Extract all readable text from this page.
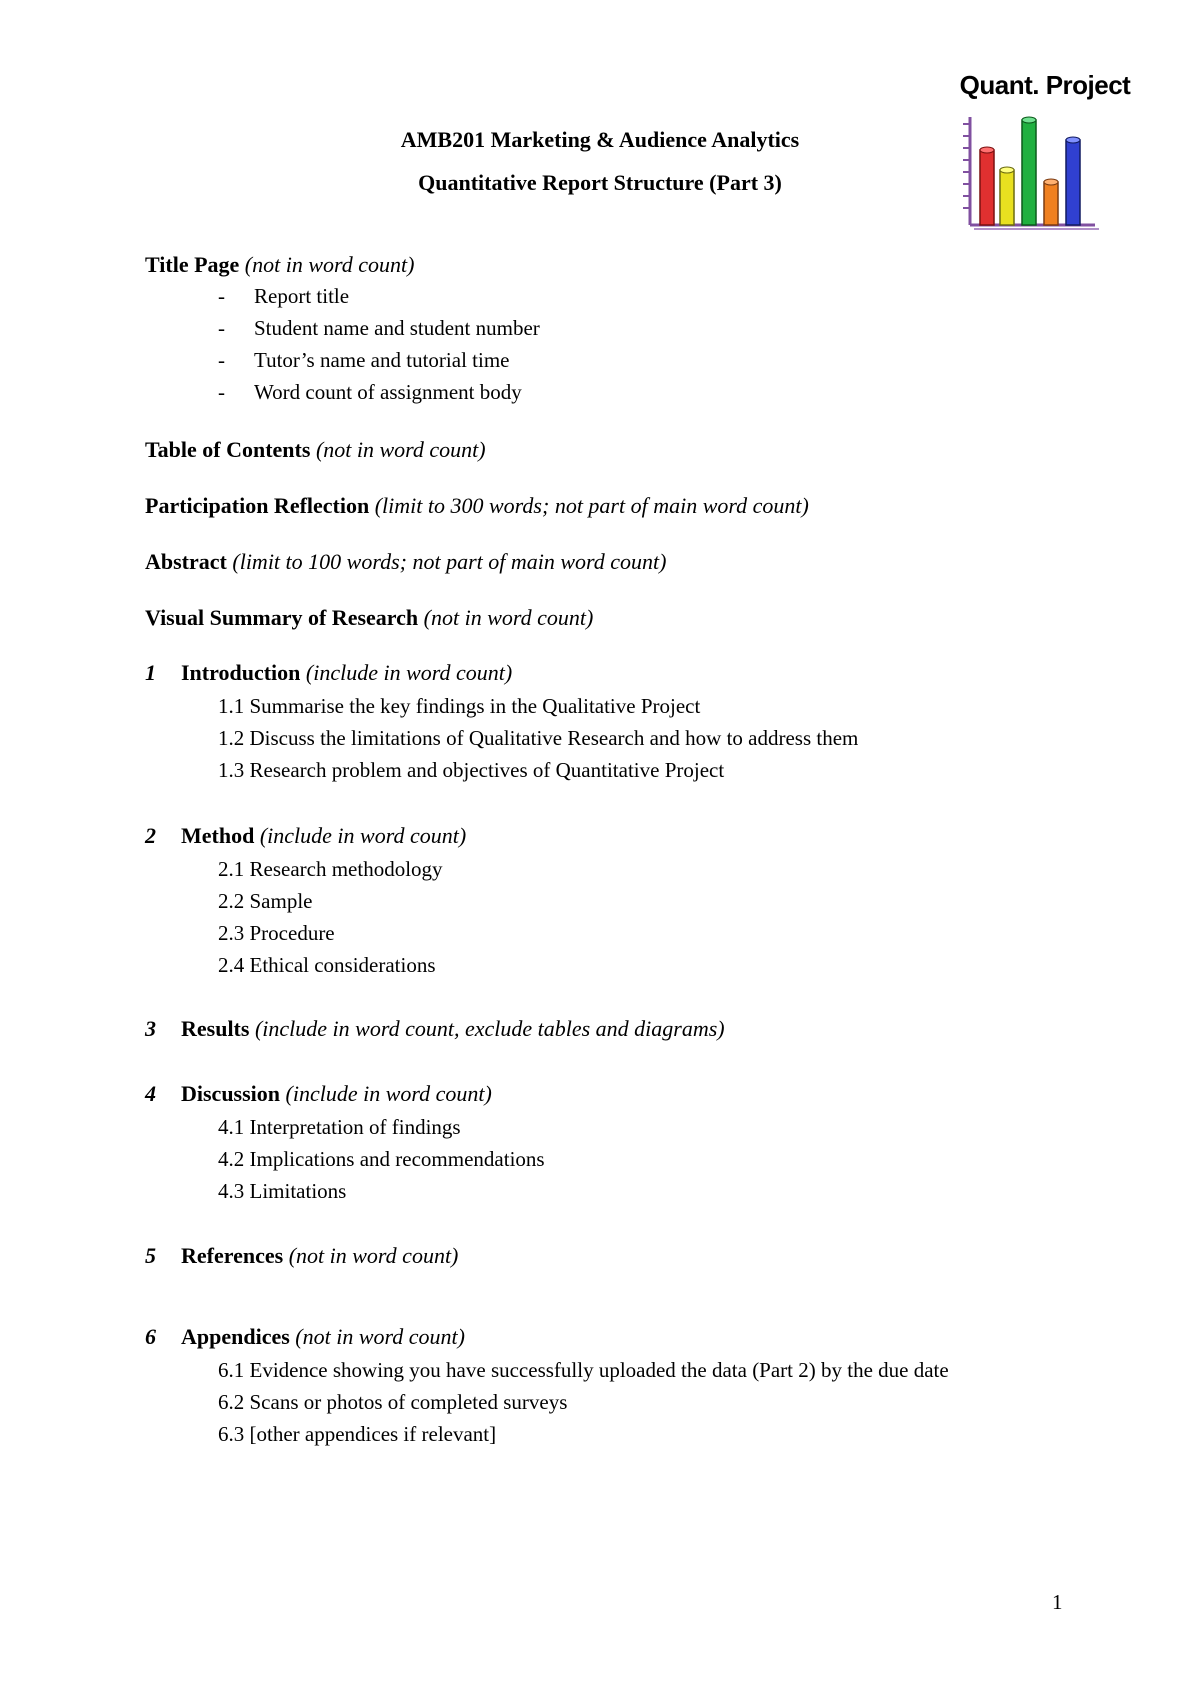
Quant. Project
AMB201 Marketing & Audience Analytics
Quantitative Report Structure (Part 3)
Title Page (not in word count)
- Report title
- Student name and student number
- Tutor’s name and tutorial time
- Word count of assignment body
Table of Contents (not in word count)
Participation Reflection (limit to 300 words; not part of main word count)
Abstract (limit to 100 words; not part of main word count)
Visual Summary of Research (not in word count)
1 Introduction (include in word count)
1.1 Summarise the key findings in the Qualitative Project
1.2 Discuss the limitations of Qualitative Research and how to address them
1.3 Research problem and objectives of Quantitative Project
2 Method (include in word count)
2.1 Research methodology
2.2 Sample
2.3 Procedure
2.4 Ethical considerations
3 Results (include in word count, exclude tables and diagrams)
4 Discussion (include in word count)
4.1 Interpretation of findings
4.2 Implications and recommendations
4.3 Limitations
5 References (not in word count)
6 Appendices (not in word count)
6.1 Evidence showing you have successfully uploaded the data (Part 2) by the due date
6.2 Scans or photos of completed surveys
6.3 [other appendices if relevant]
1
